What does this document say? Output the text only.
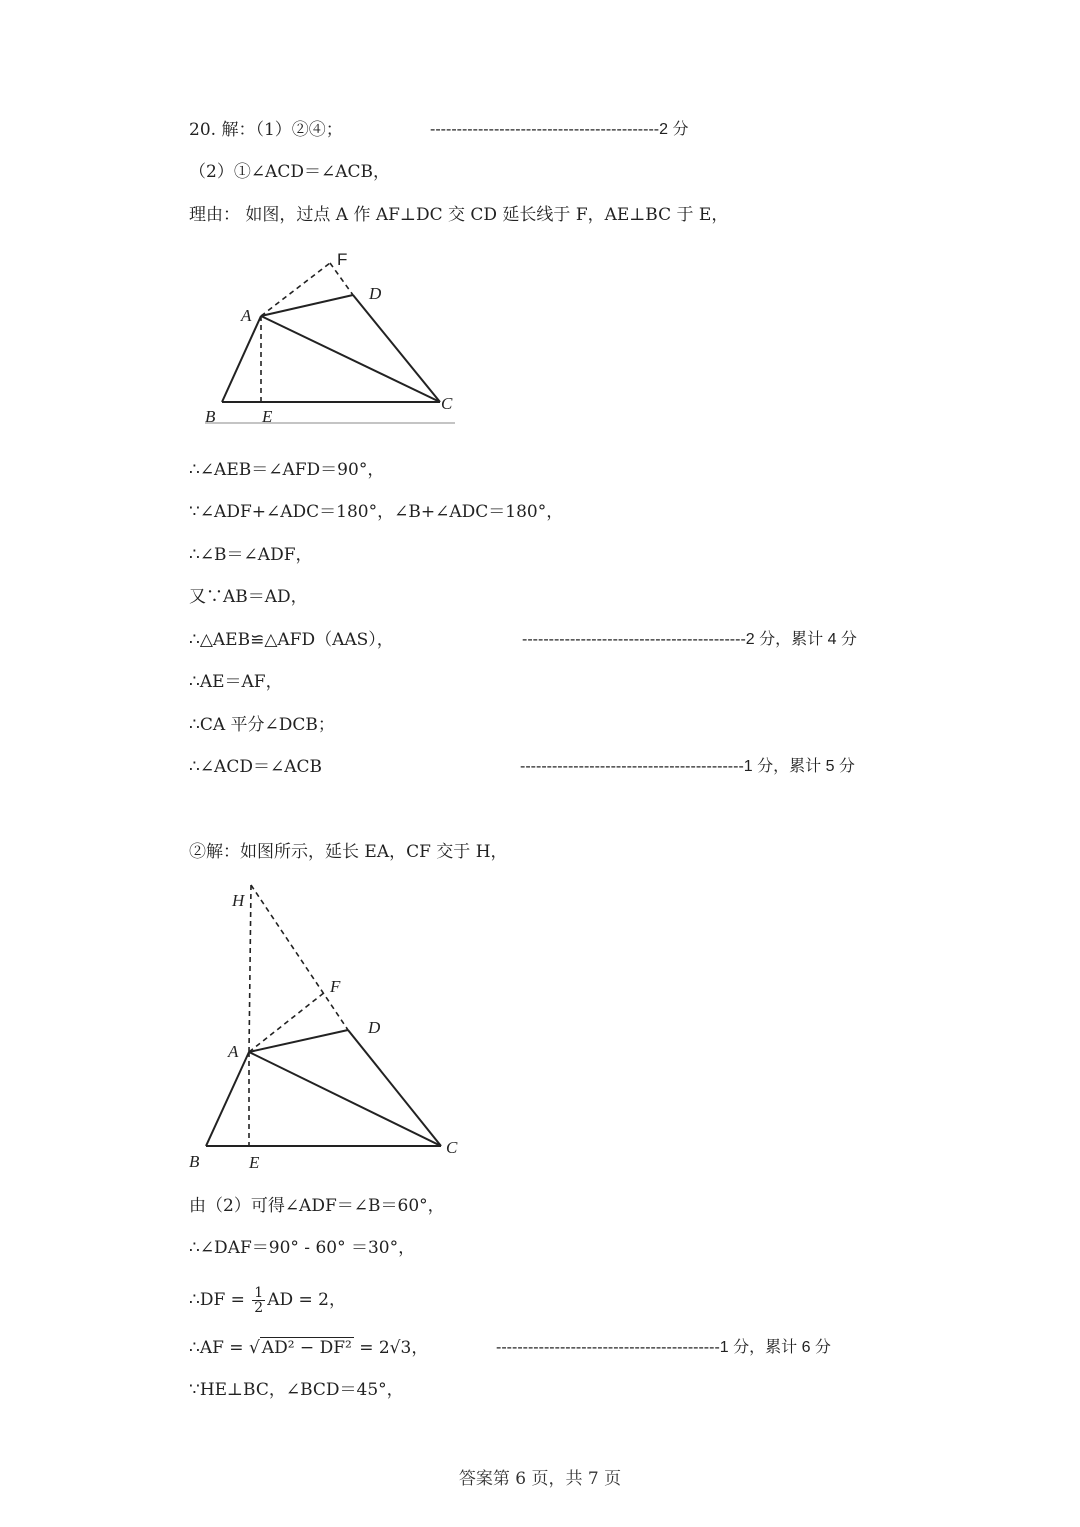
20. 解：（1）②④；	-------------------------------------------2 分
（2）①∠ACD＝∠ACB，
理由： 如图，过点 A 作 AF⊥DC 交 CD 延长线于 F，AE⊥BC 于 E，
A
B
C
D
E
F
∴∠AEB＝∠AFD＝90°，
∵∠ADF+∠ADC＝180°，∠B+∠ADC＝180°，
∴∠B＝∠ADF，
又∵AB＝AD，
∴△AEB≌△AFD（AAS），	------------------------------------------2 分，累计 4 分
∴AE＝AF，
∴CA 平分∠DCB；
∴∠ACD＝∠ACB	------------------------------------------1 分，累计 5 分
②解：如图所示，延长 EA，CF 交于 H，
H
A
B
C
D
E
F
由（2）可得∠ADF＝∠B＝60°，
∴∠DAF＝90° - 60° ＝30°，
∴DF = $\frac{1}{2}$ AD = 2，
∴AF = √ AD² − DF² = 2√3，	------------------------------------------1 分，累计 6 分
∵HE⊥BC，∠BCD＝45°，
答案第 6 页，共 7 页
